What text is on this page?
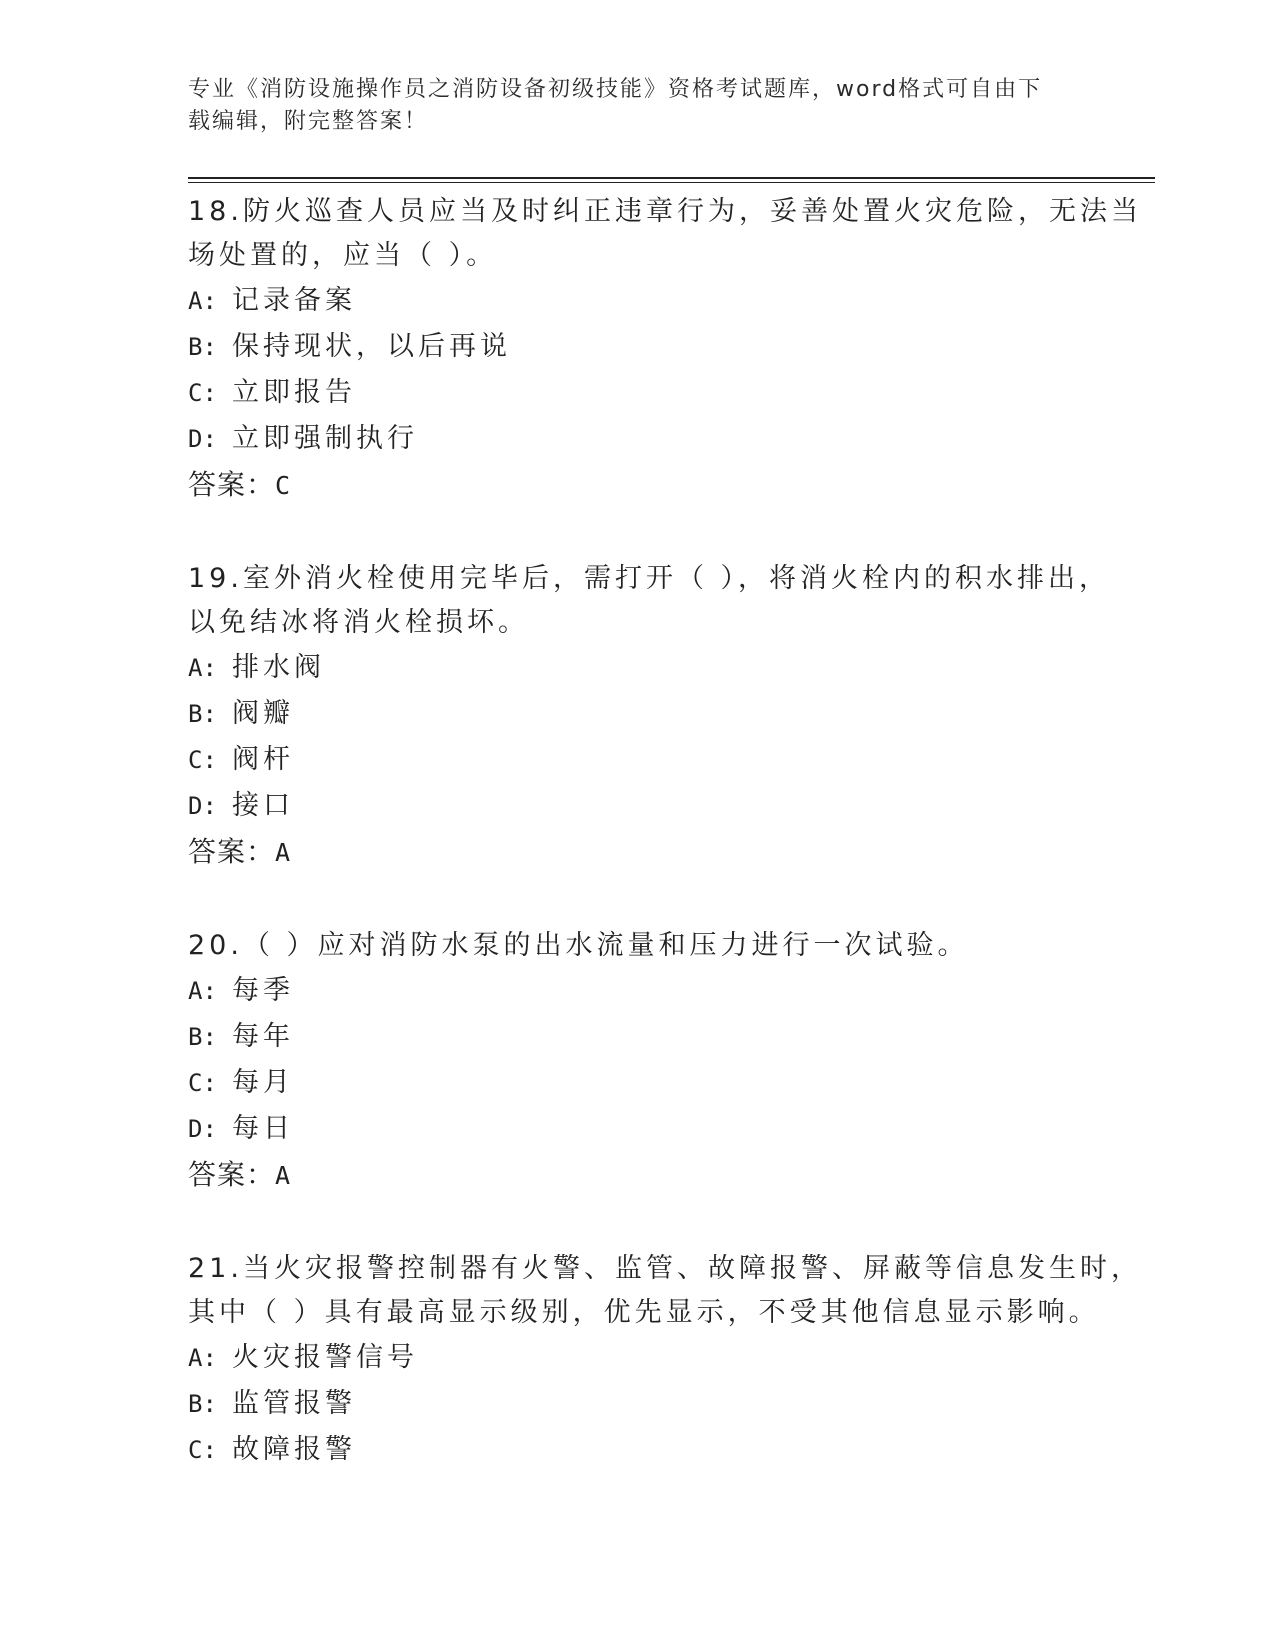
专业《消防设施操作员之消防设备初级技能》资格考试题库，word格式可自由下
载编辑，附完整答案！
18.防火巡查人员应当及时纠正违章行为，妥善处置火灾危险，无法当
场处置的，应当（ ）。
A: 记录备案
B: 保持现状，以后再说
C: 立即报告
D: 立即强制执行
答案：C
19.室外消火栓使用完毕后，需打开（ ），将消火栓内的积水排出，
以免结冰将消火栓损坏。
A: 排水阀
B: 阀瓣
C: 阀杆
D: 接口
答案：A
20.（ ）应对消防水泵的出水流量和压力进行一次试验。
A: 每季
B: 每年
C: 每月
D: 每日
答案：A
21.当火灾报警控制器有火警、监管、故障报警、屏蔽等信息发生时，
其中（ ）具有最高显示级别，优先显示，不受其他信息显示影响。
A: 火灾报警信号
B: 监管报警
C: 故障报警
